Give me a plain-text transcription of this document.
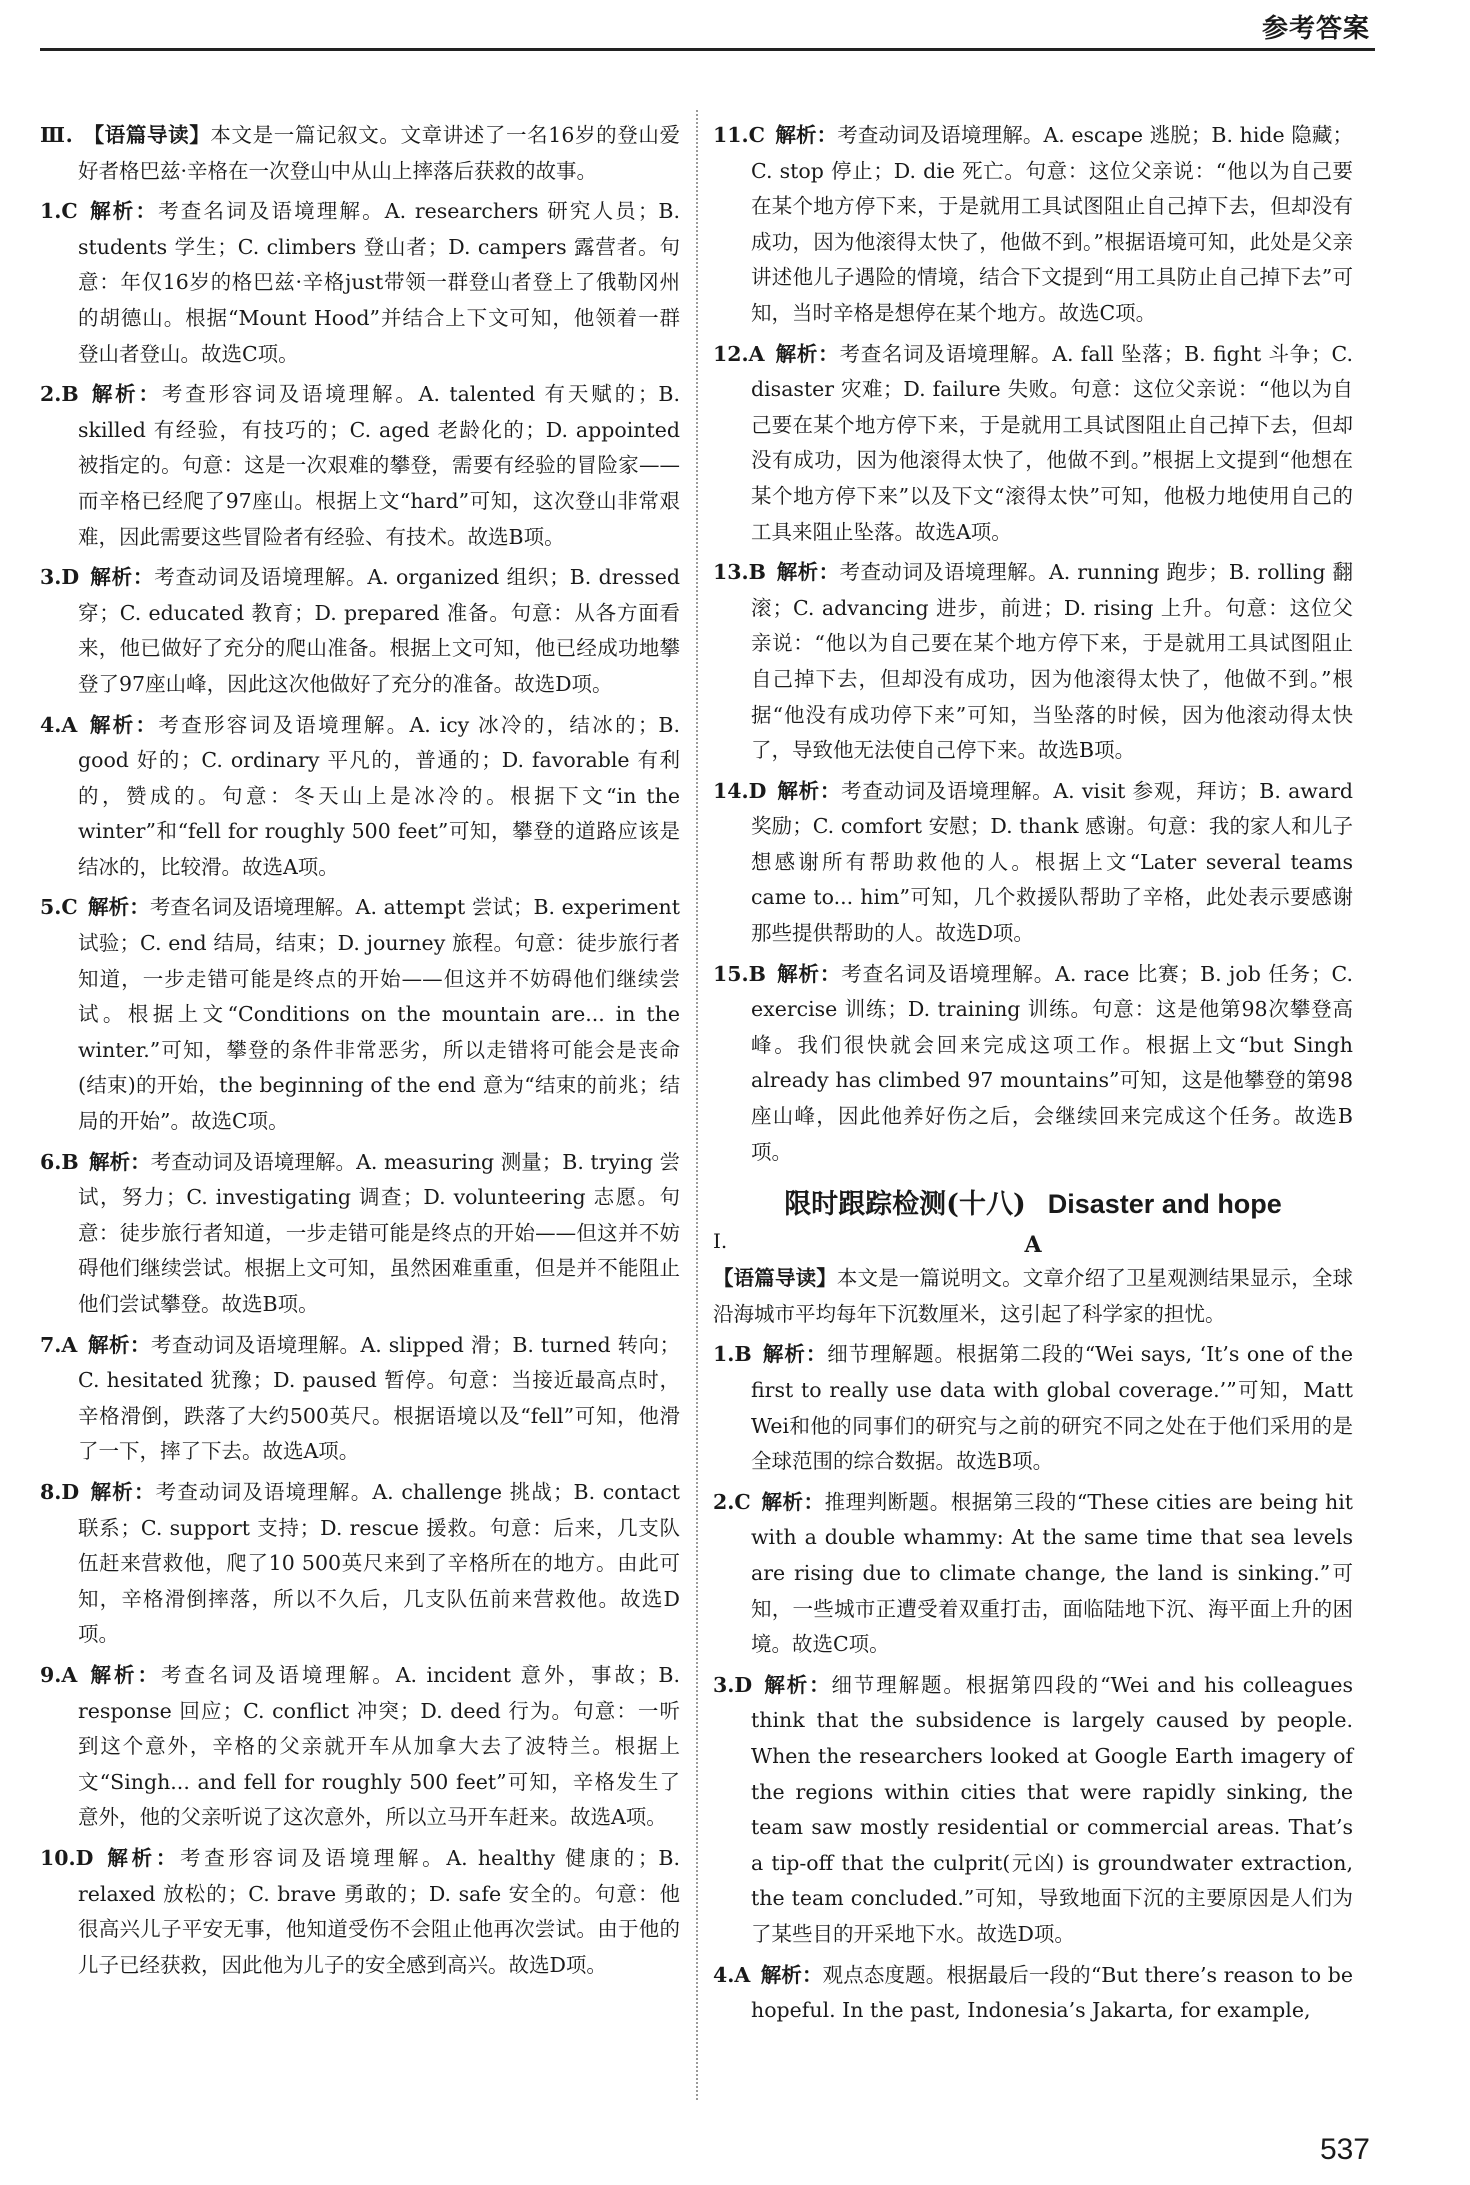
参考答案

Ⅲ.  【语篇导读】本文是一篇记叙文。文章讲述了一名16岁的登山爱好者格巴兹·辛格在一次登山中从山上摔落后获救的故事。

1.C  解析：考查名词及语境理解。A. researchers 研究人员；B. students 学生；C. climbers 登山者；D. campers 露营者。句意：年仅16岁的格巴兹·辛格just带领一群登山者登上了俄勒冈州的胡德山。根据“Mount Hood”并结合上下文可知，他领着一群登山者登山。故选C项。

2.B  解析：考查形容词及语境理解。A. talented 有天赋的；B. skilled 有经验，有技巧的；C. aged 老龄化的；D. appointed 被指定的。句意：这是一次艰难的攀登，需要有经验的冒险家——而辛格已经爬了97座山。根据上文“hard”可知，这次登山非常艰难，因此需要这些冒险者有经验、有技术。故选B项。

3.D  解析：考查动词及语境理解。A. organized 组织；B. dressed 穿；C. educated 教育；D. prepared 准备。句意：从各方面看来，他已做好了充分的爬山准备。根据上文可知，他已经成功地攀登了97座山峰，因此这次他做好了充分的准备。故选D项。

4.A  解析：考查形容词及语境理解。A. icy 冰冷的，结冰的；B. good 好的；C. ordinary 平凡的，普通的；D. favorable 有利的，赞成的。句意：冬天山上是冰冷的。根据下文“in the winter”和“fell for roughly 500 feet”可知，攀登的道路应该是结冰的，比较滑。故选A项。

5.C  解析：考查名词及语境理解。A. attempt 尝试；B. experiment 试验；C. end 结局，结束；D. journey 旅程。句意：徒步旅行者知道，一步走错可能是终点的开始——但这并不妨碍他们继续尝试。根据上文“Conditions on the mountain are... in the winter.”可知，攀登的条件非常恶劣，所以走错将可能会是丧命(结束)的开始，the beginning of the end 意为“结束的前兆；结局的开始”。故选C项。

6.B  解析：考查动词及语境理解。A. measuring 测量；B. trying 尝试，努力；C. investigating 调查；D. volunteering 志愿。句意：徒步旅行者知道，一步走错可能是终点的开始——但这并不妨碍他们继续尝试。根据上文可知，虽然困难重重，但是并不能阻止他们尝试攀登。故选B项。

7.A  解析：考查动词及语境理解。A. slipped 滑；B. turned 转向；C. hesitated 犹豫；D. paused 暂停。句意：当接近最高点时，辛格滑倒，跌落了大约500英尺。根据语境以及“fell”可知，他滑了一下，摔了下去。故选A项。

8.D  解析：考查动词及语境理解。A. challenge 挑战；B. contact 联系；C. support 支持；D. rescue 援救。句意：后来，几支队伍赶来营救他，爬了10 500英尺来到了辛格所在的地方。由此可知，辛格滑倒摔落，所以不久后，几支队伍前来营救他。故选D项。

9.A  解析：考查名词及语境理解。A. incident 意外，事故；B. response 回应；C. conflict 冲突；D. deed 行为。句意：一听到这个意外，辛格的父亲就开车从加拿大去了波特兰。根据上文“Singh... and fell for roughly 500 feet”可知，辛格发生了意外，他的父亲听说了这次意外，所以立马开车赶来。故选A项。

10.D  解析：考查形容词及语境理解。A. healthy 健康的；B. relaxed 放松的；C. brave 勇敢的；D. safe 安全的。句意：他很高兴儿子平安无事，他知道受伤不会阻止他再次尝试。由于他的儿子已经获救，因此他为儿子的安全感到高兴。故选D项。

11.C  解析：考查动词及语境理解。A. escape 逃脱；B. hide 隐藏；C. stop 停止；D. die 死亡。句意：这位父亲说：“他以为自己要在某个地方停下来，于是就用工具试图阻止自己掉下去，但却没有成功，因为他滚得太快了，他做不到。”根据语境可知，此处是父亲讲述他儿子遇险的情境，结合下文提到“用工具防止自己掉下去”可知，当时辛格是想停在某个地方。故选C项。

12.A  解析：考查名词及语境理解。A. fall 坠落；B. fight 斗争；C. disaster 灾难；D. failure 失败。句意：这位父亲说：“他以为自己要在某个地方停下来，于是就用工具试图阻止自己掉下去，但却没有成功，因为他滚得太快了，他做不到。”根据上文提到“他想在某个地方停下来”以及下文“滚得太快”可知，他极力地使用自己的工具来阻止坠落。故选A项。

13.B  解析：考查动词及语境理解。A. running 跑步；B. rolling 翻滚；C. advancing 进步，前进；D. rising 上升。句意：这位父亲说：“他以为自己要在某个地方停下来，于是就用工具试图阻止自己掉下去，但却没有成功，因为他滚得太快了，他做不到。”根据“他没有成功停下来”可知，当坠落的时候，因为他滚动得太快了，导致他无法使自己停下来。故选B项。

14.D  解析：考查动词及语境理解。A. visit 参观，拜访；B. award 奖励；C. comfort 安慰；D. thank 感谢。句意：我的家人和儿子想感谢所有帮助救他的人。根据上文“Later several teams came to... him”可知，几个救援队帮助了辛格，此处表示要感谢那些提供帮助的人。故选D项。

15.B  解析：考查名词及语境理解。A. race 比赛；B. job 任务；C. exercise 训练；D. training 训练。句意：这是他第98次攀登高峰。我们很快就会回来完成这项工作。根据上文“but Singh already has climbed 97 mountains”可知，这是他攀登的第98座山峰，因此他养好伤之后，会继续回来完成这个任务。故选B项。

限时跟踪检测(十八) Disaster and hope
Ⅰ.	A

【语篇导读】本文是一篇说明文。文章介绍了卫星观测结果显示，全球沿海城市平均每年下沉数厘米，这引起了科学家的担忧。

1.B  解析：细节理解题。根据第二段的“Wei says, ‘It’s one of the first to really use data with global coverage.’”可知，Matt Wei和他的同事们的研究与之前的研究不同之处在于他们采用的是全球范围的综合数据。故选B项。

2.C  解析：推理判断题。根据第三段的“These cities are being hit with a double whammy: At the same time that sea levels are rising due to climate change, the land is sinking.”可知，一些城市正遭受着双重打击，面临陆地下沉、海平面上升的困境。故选C项。

3.D  解析：细节理解题。根据第四段的“Wei and his colleagues think that the subsidence is largely caused by people. When the researchers looked at Google Earth imagery of the regions within cities that were rapidly sinking, the team saw mostly residential or commercial areas. That’s a tip-off that the culprit(元凶) is groundwater extraction, the team concluded.”可知，导致地面下沉的主要原因是人们为了某些目的开采地下水。故选D项。

4.A  解析：观点态度题。根据最后一段的“But there’s reason to be hopeful. In the past, Indonesia’s Jakarta, for example,

537
